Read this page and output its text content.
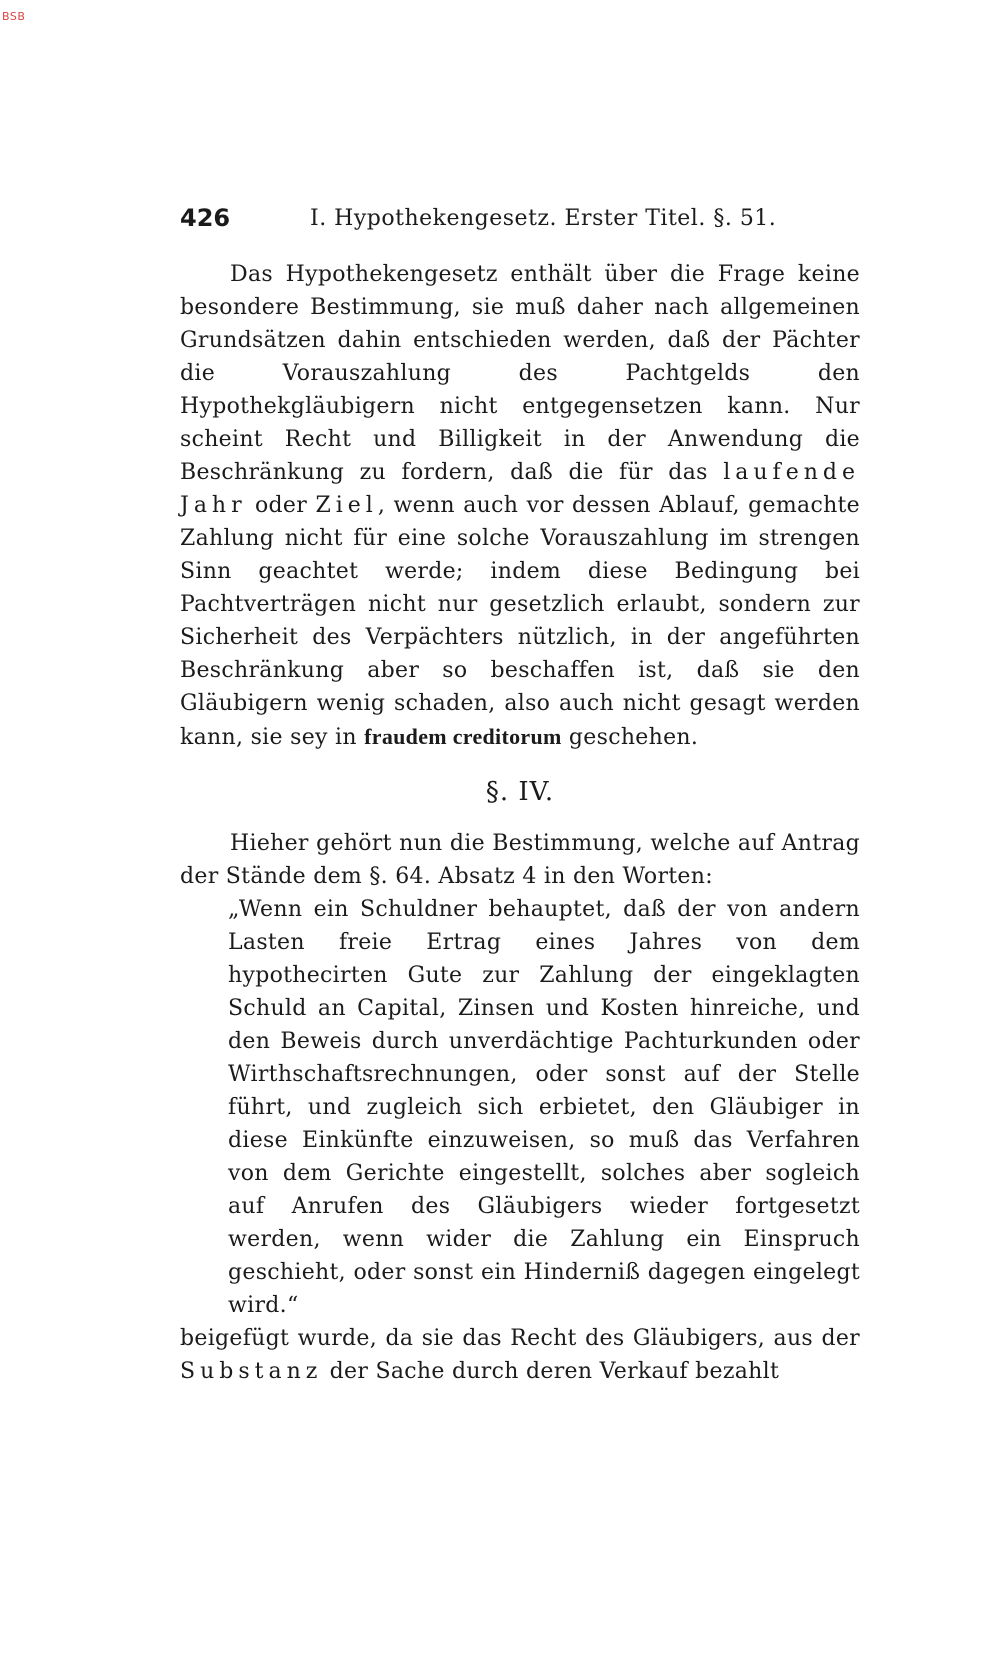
BSB
426	I. Hypothekengesetz. Erster Titel. §. 51.

Das Hypothekengesetz enthält über die Frage keine besondere Bestimmung, sie muß daher nach allgemeinen Grundsätzen dahin entschieden werden, daß der Pächter die Vorauszahlung des Pachtgelds den Hypothekgläubigern nicht entgegensetzen kann. Nur scheint Recht und Billigkeit in der Anwendung die Beschränkung zu fordern, daß die für das laufende Jahr oder Ziel, wenn auch vor dessen Ablauf, gemachte Zahlung nicht für eine solche Vorauszahlung im strengen Sinn geachtet werde; indem diese Bedingung bei Pachtverträgen nicht nur gesetzlich erlaubt, sondern zur Sicherheit des Verpächters nützlich, in der angeführten Beschränkung aber so beschaffen ist, daß sie den Gläubigern wenig schaden, also auch nicht gesagt werden kann, sie sey in fraudem creditorum geschehen.

§. IV.

Hieher gehört nun die Bestimmung, welche auf Antrag der Stände dem §. 64. Absatz 4 in den Worten:

„Wenn ein Schuldner behauptet, daß der von andern Lasten freie Ertrag eines Jahres von dem hypothecirten Gute zur Zahlung der eingeklagten Schuld an Capital, Zinsen und Kosten hinreiche, und den Beweis durch unverdächtige Pachturkunden oder Wirthschaftsrechnungen, oder sonst auf der Stelle führt, und zugleich sich erbietet, den Gläubiger in diese Einkünfte einzuweisen, so muß das Verfahren von dem Gerichte eingestellt, solches aber sogleich auf Anrufen des Gläubigers wieder fortgesetzt werden, wenn wider die Zahlung ein Einspruch geschieht, oder sonst ein Hinderniß dagegen eingelegt wird.“

beigefügt wurde, da sie das Recht des Gläubigers, aus der Substanz der Sache durch deren Verkauf bezahlt
